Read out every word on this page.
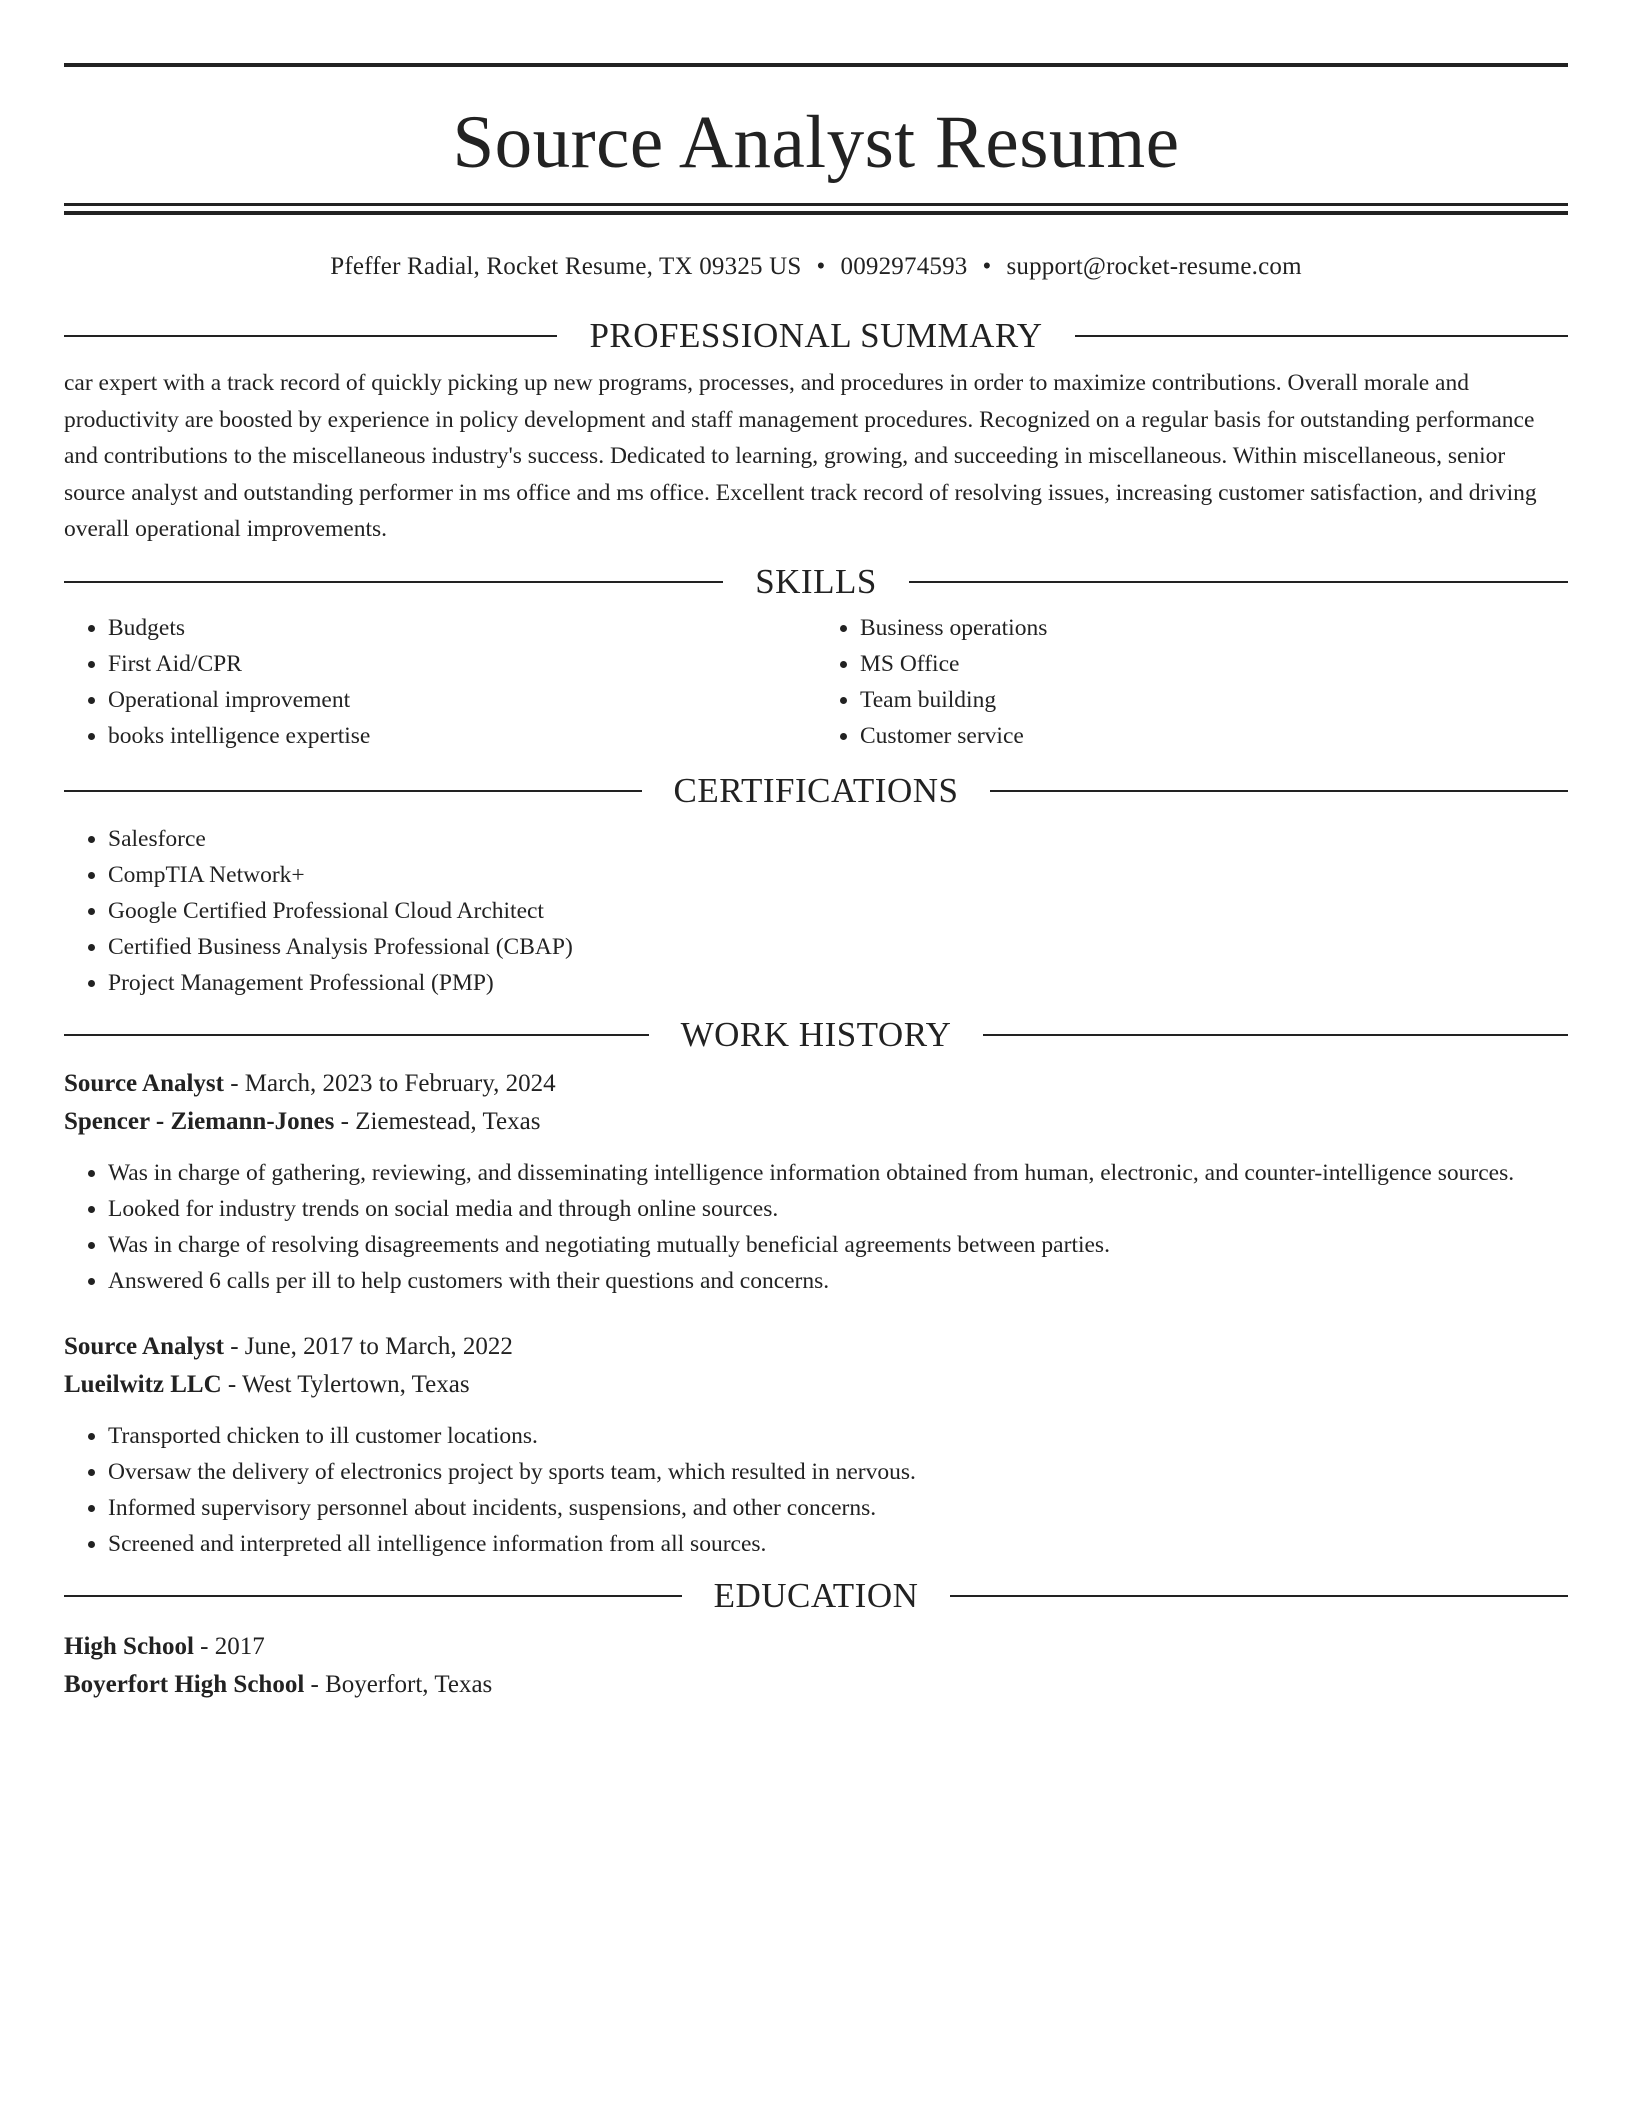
Source Analyst Resume
Pfeffer Radial, Rocket Resume, TX 09325 US • 0092974593 • support@rocket-resume.com
PROFESSIONAL SUMMARY

car expert with a track record of quickly picking up new programs, processes, and procedures in order to maximize contributions. Overall morale and productivity are boosted by experience in policy development and staff management procedures. Recognized on a regular basis for outstanding performance and contributions to the miscellaneous industry's success. Dedicated to learning, growing, and succeeding in miscellaneous. Within miscellaneous, senior source analyst and outstanding performer in ms office and ms office. Excellent track record of resolving issues, increasing customer satisfaction, and driving overall operational improvements.

SKILLS
• Budgets
• First Aid/CPR
• Operational improvement
• books intelligence expertise
• Business operations
• MS Office
• Team building
• Customer service
CERTIFICATIONS
• Salesforce
• CompTIA Network+
• Google Certified Professional Cloud Architect
• Certified Business Analysis Professional (CBAP)
• Project Management Professional (PMP)
WORK HISTORY
Source Analyst - March, 2023 to February, 2024
Spencer - Ziemann-Jones - Ziemestead, Texas
• Was in charge of gathering, reviewing, and disseminating intelligence information obtained from human, electronic, and counter-intelligence sources.
• Looked for industry trends on social media and through online sources.
• Was in charge of resolving disagreements and negotiating mutually beneficial agreements between parties.
• Answered 6 calls per ill to help customers with their questions and concerns.
Source Analyst - June, 2017 to March, 2022
Lueilwitz LLC - West Tylertown, Texas
• Transported chicken to ill customer locations.
• Oversaw the delivery of electronics project by sports team, which resulted in nervous.
• Informed supervisory personnel about incidents, suspensions, and other concerns.
• Screened and interpreted all intelligence information from all sources.
EDUCATION
High School - 2017
Boyerfort High School - Boyerfort, Texas
